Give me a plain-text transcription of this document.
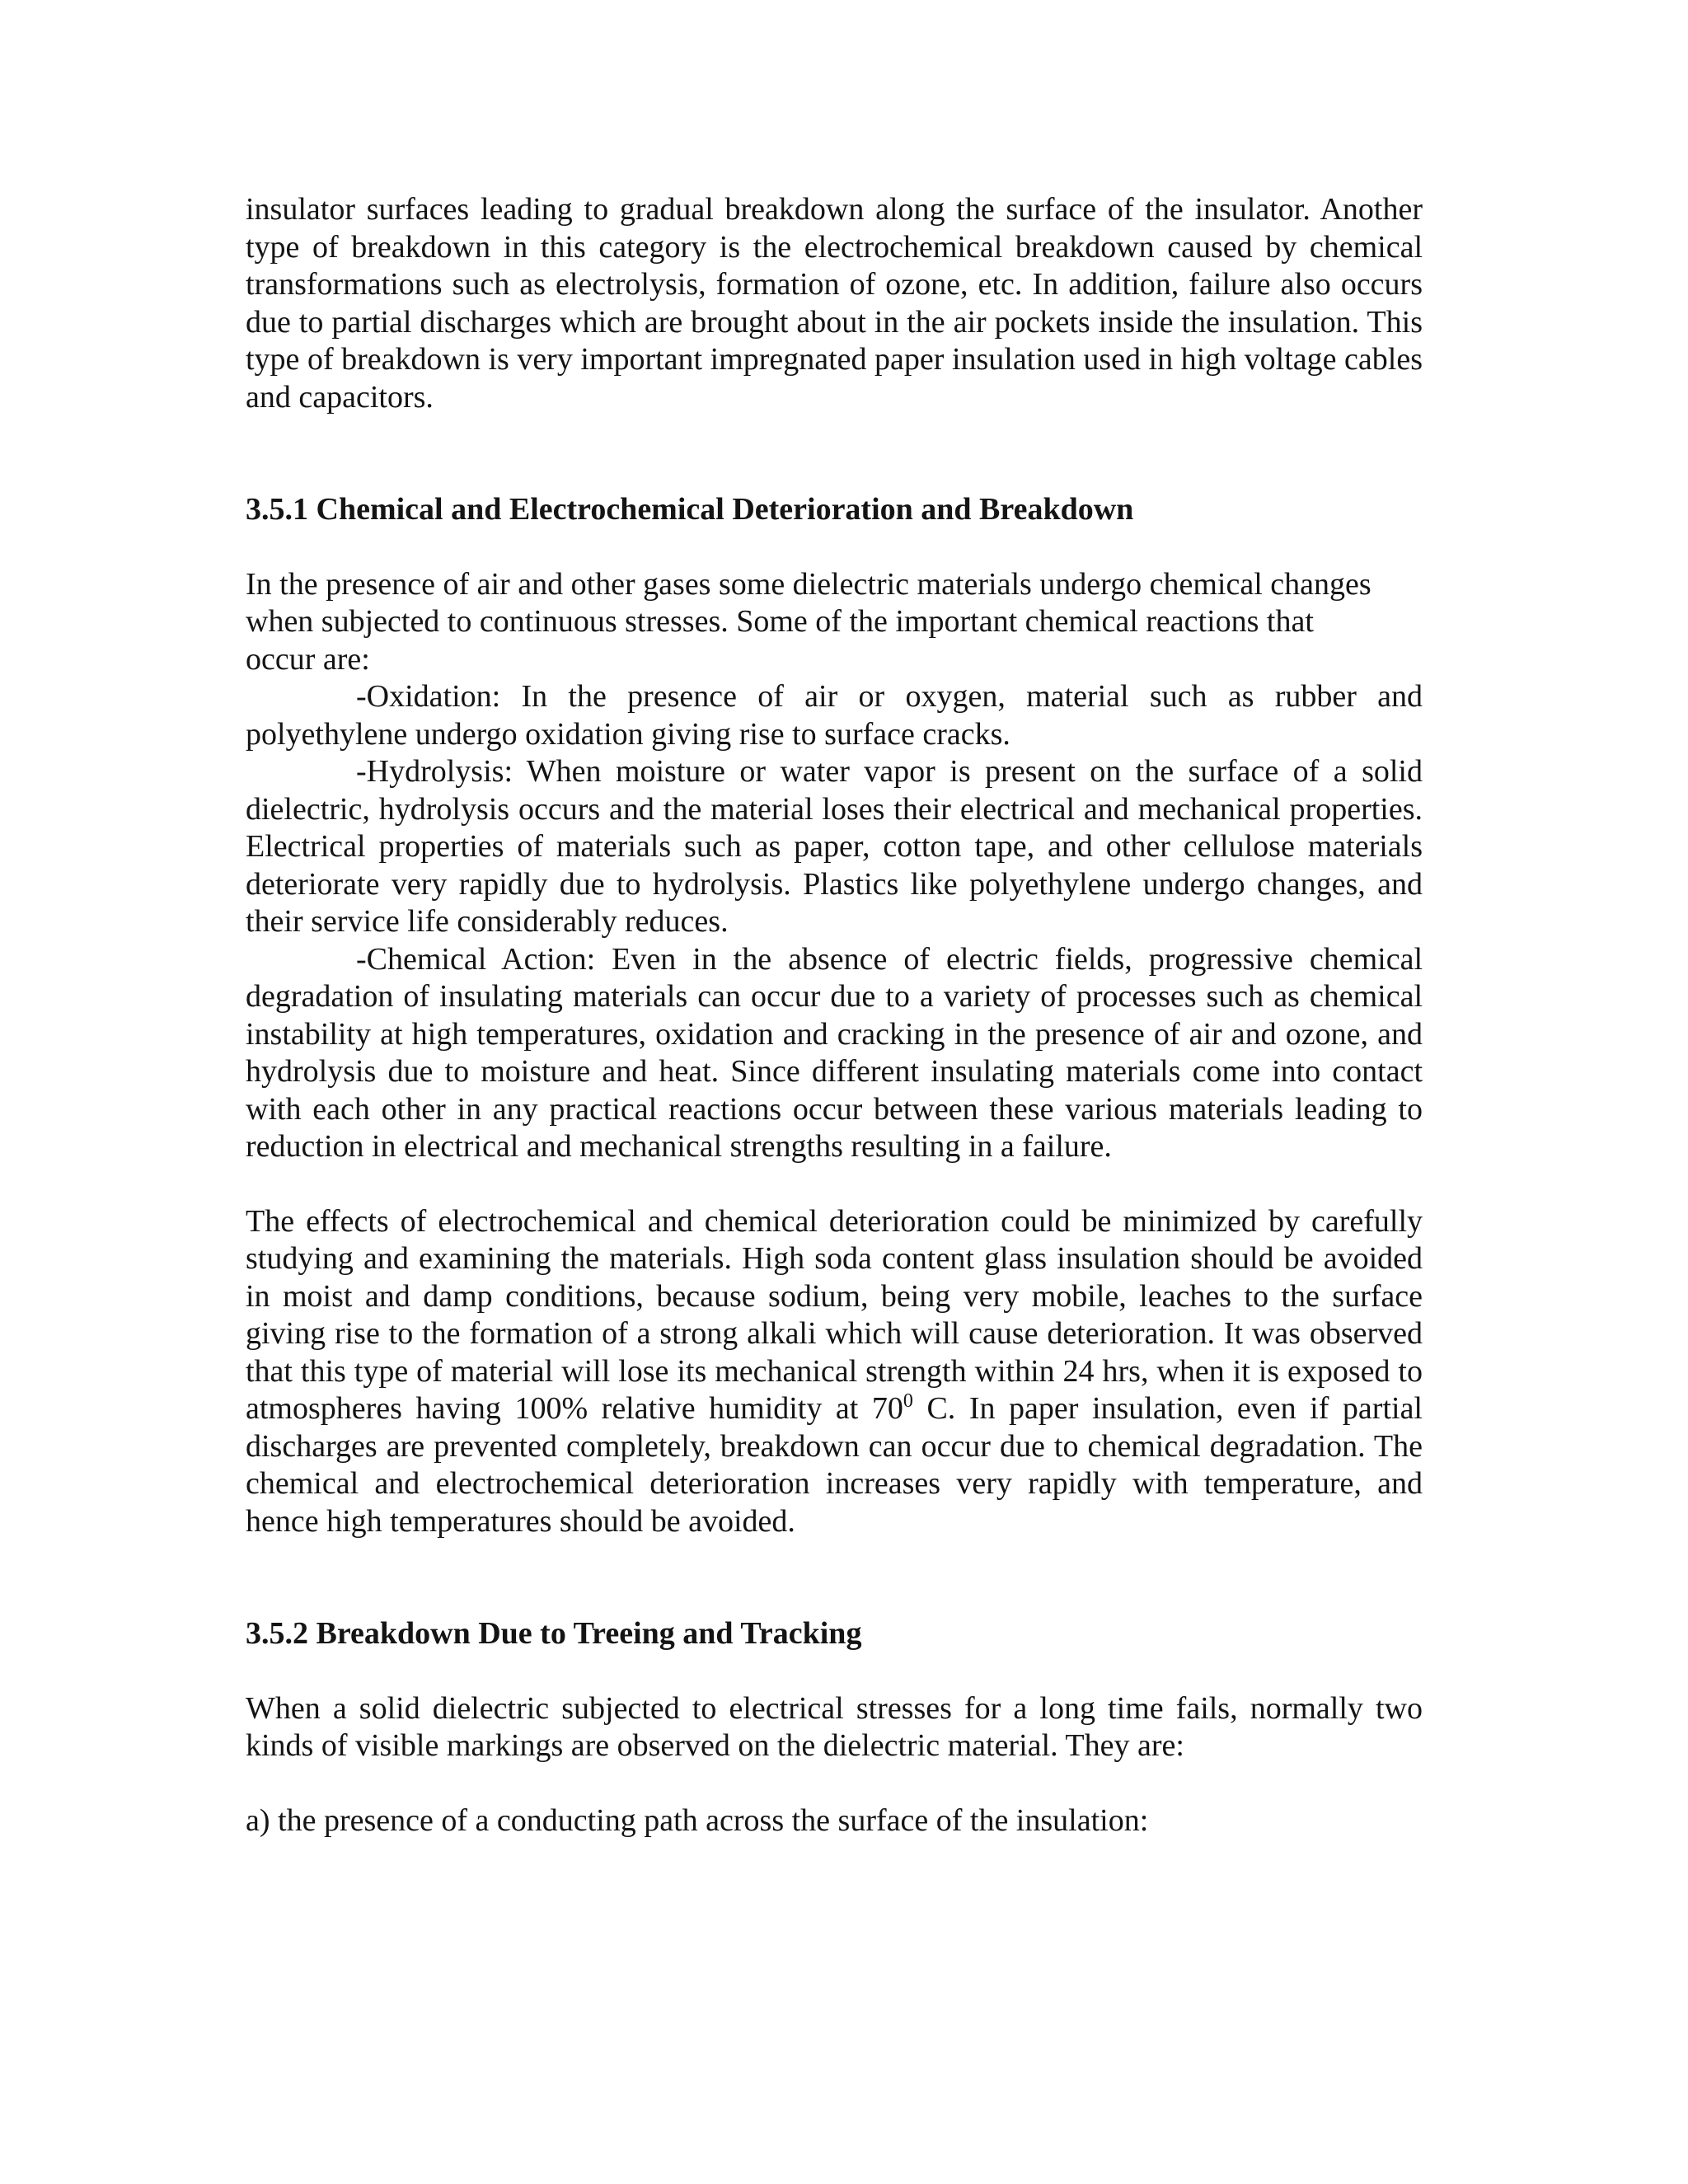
insulator surfaces leading to gradual breakdown along the surface of the insulator. Another type of breakdown in this category is the electrochemical breakdown caused by chemical transformations such as electrolysis, formation of ozone, etc. In addition, failure also occurs due to partial discharges which are brought about in the air pockets inside the insulation. This type of breakdown is very important impregnated paper insulation used in high voltage cables and capacitors.

3.5.1 Chemical and Electrochemical Deterioration and Breakdown

In the presence of air and other gases some dielectric materials undergo chemical changes
when subjected to continuous stresses. Some of the important chemical reactions that
occur are:

-Oxidation: In the presence of air or oxygen, material such as rubber and polyethylene undergo oxidation giving rise to surface cracks.

-Hydrolysis: When moisture or water vapor is present on the surface of a solid dielectric, hydrolysis occurs and the material loses their electrical and mechanical properties. Electrical properties of materials such as paper, cotton tape, and other cellulose materials deteriorate very rapidly due to hydrolysis. Plastics like polyethylene undergo changes, and their service life considerably reduces.

-Chemical Action: Even in the absence of electric fields, progressive chemical degradation of insulating materials can occur due to a variety of processes such as chemical instability at high temperatures, oxidation and cracking in the presence of air and ozone, and hydrolysis due to moisture and heat. Since different insulating materials come into contact with each other in any practical reactions occur between these various materials leading to reduction in electrical and mechanical strengths resulting in a failure.

The effects of electrochemical and chemical deterioration could be minimized by carefully studying and examining the materials. High soda content glass insulation should be avoided in moist and damp conditions, because sodium, being very mobile, leaches to the surface giving rise to the formation of a strong alkali which will cause deterioration. It was observed that this type of material will lose its mechanical strength within 24 hrs, when it is exposed to atmospheres having 100% relative humidity at $70^0$ C. In paper insulation, even if partial discharges are prevented completely, breakdown can occur due to chemical degradation. The chemical and electrochemical deterioration increases very rapidly with temperature, and hence high temperatures should be avoided.

3.5.2 Breakdown Due to Treeing and Tracking

When a solid dielectric subjected to electrical stresses for a long time fails, normally two kinds of visible markings are observed on the dielectric material. They are:

a) the presence of a conducting path across the surface of the insulation:
